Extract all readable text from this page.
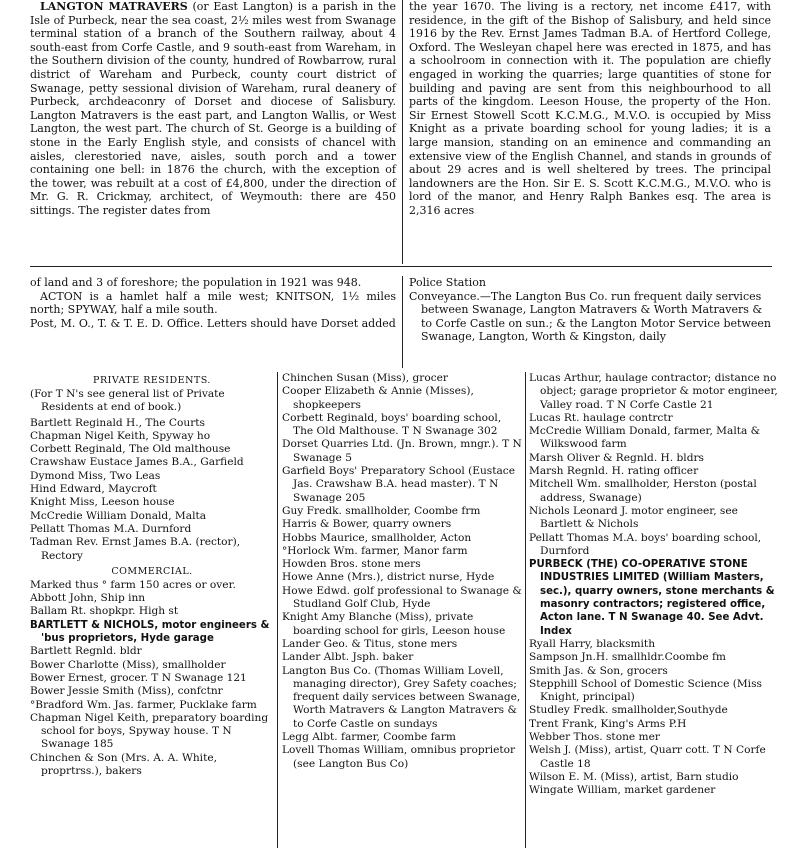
LANGTON MATRAVERS (or East Langton) is a parish in the Isle of Purbeck, near the sea coast, 2½ miles west from Swanage terminal station of a branch of the Southern railway, about 4 south-east from Corfe Castle, and 9 south-east from Wareham, in the Southern division of the county, hundred of Rowbarrow, rural district of Wareham and Purbeck, county court district of Swanage, petty sessional division of Wareham, rural deanery of Purbeck, archdeaconry of Dorset and diocese of Salisbury. Langton Matravers is the east part, and Langton Wallis, or West Langton, the west part. The church of St. George is a building of stone in the Early English style, and consists of chancel with aisles, clerestoried nave, aisles, south porch and a tower containing one bell: in 1876 the church, with the exception of the tower, was rebuilt at a cost of £4,800, under the direction of Mr. G. R. Crickmay, architect, of Weymouth: there are 450 sittings. The register dates from

the year 1670. The living is a rectory, net income £417, with residence, in the gift of the Bishop of Salisbury, and held since 1916 by the Rev. Ernst James Tadman B.A. of Hertford College, Oxford. The Wesleyan chapel here was erected in 1875, and has a schoolroom in connection with it. The population are chiefly engaged in working the quarries; large quantities of stone for building and paving are sent from this neighbourhood to all parts of the kingdom. Leeson House, the property of the Hon. Sir Ernest Stowell Scott K.C.M.G., M.V.O. is occupied by Miss Knight as a private boarding school for young ladies; it is a large mansion, standing on an eminence and commanding an extensive view of the English Channel, and stands in grounds of about 29 acres and is well sheltered by trees. The principal landowners are the Hon. Sir E. S. Scott K.C.M.G., M.V.O. who is lord of the manor, and Henry Ralph Bankes esq. The area is 2,316 acres

of land and 3 of foreshore; the population in 1921 was 948.

ACTON is a hamlet half a mile west; KNITSON, 1½ miles north; SPYWAY, half a mile south.

Post, M. O., T. & T. E. D. Office. Letters should have Dorset added

Police Station

Conveyance.—The Langton Bus Co. run frequent daily services between Swanage, Langton Matravers & Worth Matravers & to Corfe Castle on sun.; & the Langton Motor Service between Swanage, Langton, Worth & Kingston, daily

PRIVATE RESIDENTS.

(For T N's see general list of Private Residents at end of book.)

Bartlett Reginald H., The Courts

Chapman Nigel Keith, Spyway ho

Corbett Reginald, The Old malthouse

Crawshaw Eustace James B.A., Garfield

Dymond Miss, Two Leas

Hind Edward, Maycroft

Knight Miss, Leeson house

McCredie William Donald, Malta

Pellatt Thomas M.A. Durnford

Tadman Rev. Ernst James B.A. (rector), Rectory

COMMERCIAL.

Marked thus ° farm 150 acres or over.

Abbott John, Ship inn

Ballam Rt. shopkpr. High st

BARTLETT & NICHOLS, motor engineers & 'bus proprietors, Hyde garage

Bartlett Regnld. bldr

Bower Charlotte (Miss), smallholder

Bower Ernest, grocer. T N Swanage 121

Bower Jessie Smith (Miss), confctnr

°Bradford Wm. Jas. farmer, Pucklake farm

Chapman Nigel Keith, preparatory boarding school for boys, Spyway house. T N Swanage 185

Chinchen & Son (Mrs. A. A. White, proprtrss.), bakers

Chinchen Susan (Miss), grocer

Cooper Elizabeth & Annie (Misses), shopkeepers

Corbett Reginald, boys' boarding school, The Old Malthouse. T N Swanage 302

Dorset Quarries Ltd. (Jn. Brown, mngr.). T N Swanage 5

Garfield Boys' Preparatory School (Eustace Jas. Crawshaw B.A. head master). T N Swanage 205

Guy Fredk. smallholder, Coombe frm

Harris & Bower, quarry owners

Hobbs Maurice, smallholder, Acton

°Horlock Wm. farmer, Manor farm

Howden Bros. stone mers

Howe Anne (Mrs.), district nurse, Hyde

Howe Edwd. golf professional to Swanage & Studland Golf Club, Hyde

Knight Amy Blanche (Miss), private boarding school for girls, Leeson house

Lander Geo. & Titus, stone mers

Lander Albt. Jsph. baker

Langton Bus Co. (Thomas William Lovell, managing director), Grey Safety coaches; frequent daily services between Swanage, Worth Matravers & Langton Matravers & to Corfe Castle on sundays

Legg Albt. farmer, Coombe farm

Lovell Thomas William, omnibus proprietor (see Langton Bus Co)

Lucas Arthur, haulage contractor; distance no object; garage proprietor & motor engineer, Valley road. T N Corfe Castle 21

Lucas Rt. haulage contrctr

McCredie William Donald, farmer, Malta & Wilkswood farm

Marsh Oliver & Regnld. H. bldrs

Marsh Regnld. H. rating officer

Mitchell Wm. smallholder, Herston (postal address, Swanage)

Nichols Leonard J. motor engineer, see Bartlett & Nichols

Pellatt Thomas M.A. boys' boarding school, Durnford

PURBECK (THE) CO-OPERATIVE STONE INDUSTRIES LIMITED (William Masters, sec.), quarry owners, stone merchants & masonry contractors; registered office, Acton lane. T N Swanage 40. See Advt. Index

Ryall Harry, blacksmith

Sampson Jn.H. smallhldr.Coombe fm

Smith Jas. & Son, grocers

Stepphill School of Domestic Science (Miss Knight, principal)

Studley Fredk. smallholder,Southyde

Trent Frank, King's Arms P.H

Webber Thos. stone mer

Welsh J. (Miss), artist, Quarr cott. T N Corfe Castle 18

Wilson E. M. (Miss), artist, Barn studio

Wingate William, market gardener
